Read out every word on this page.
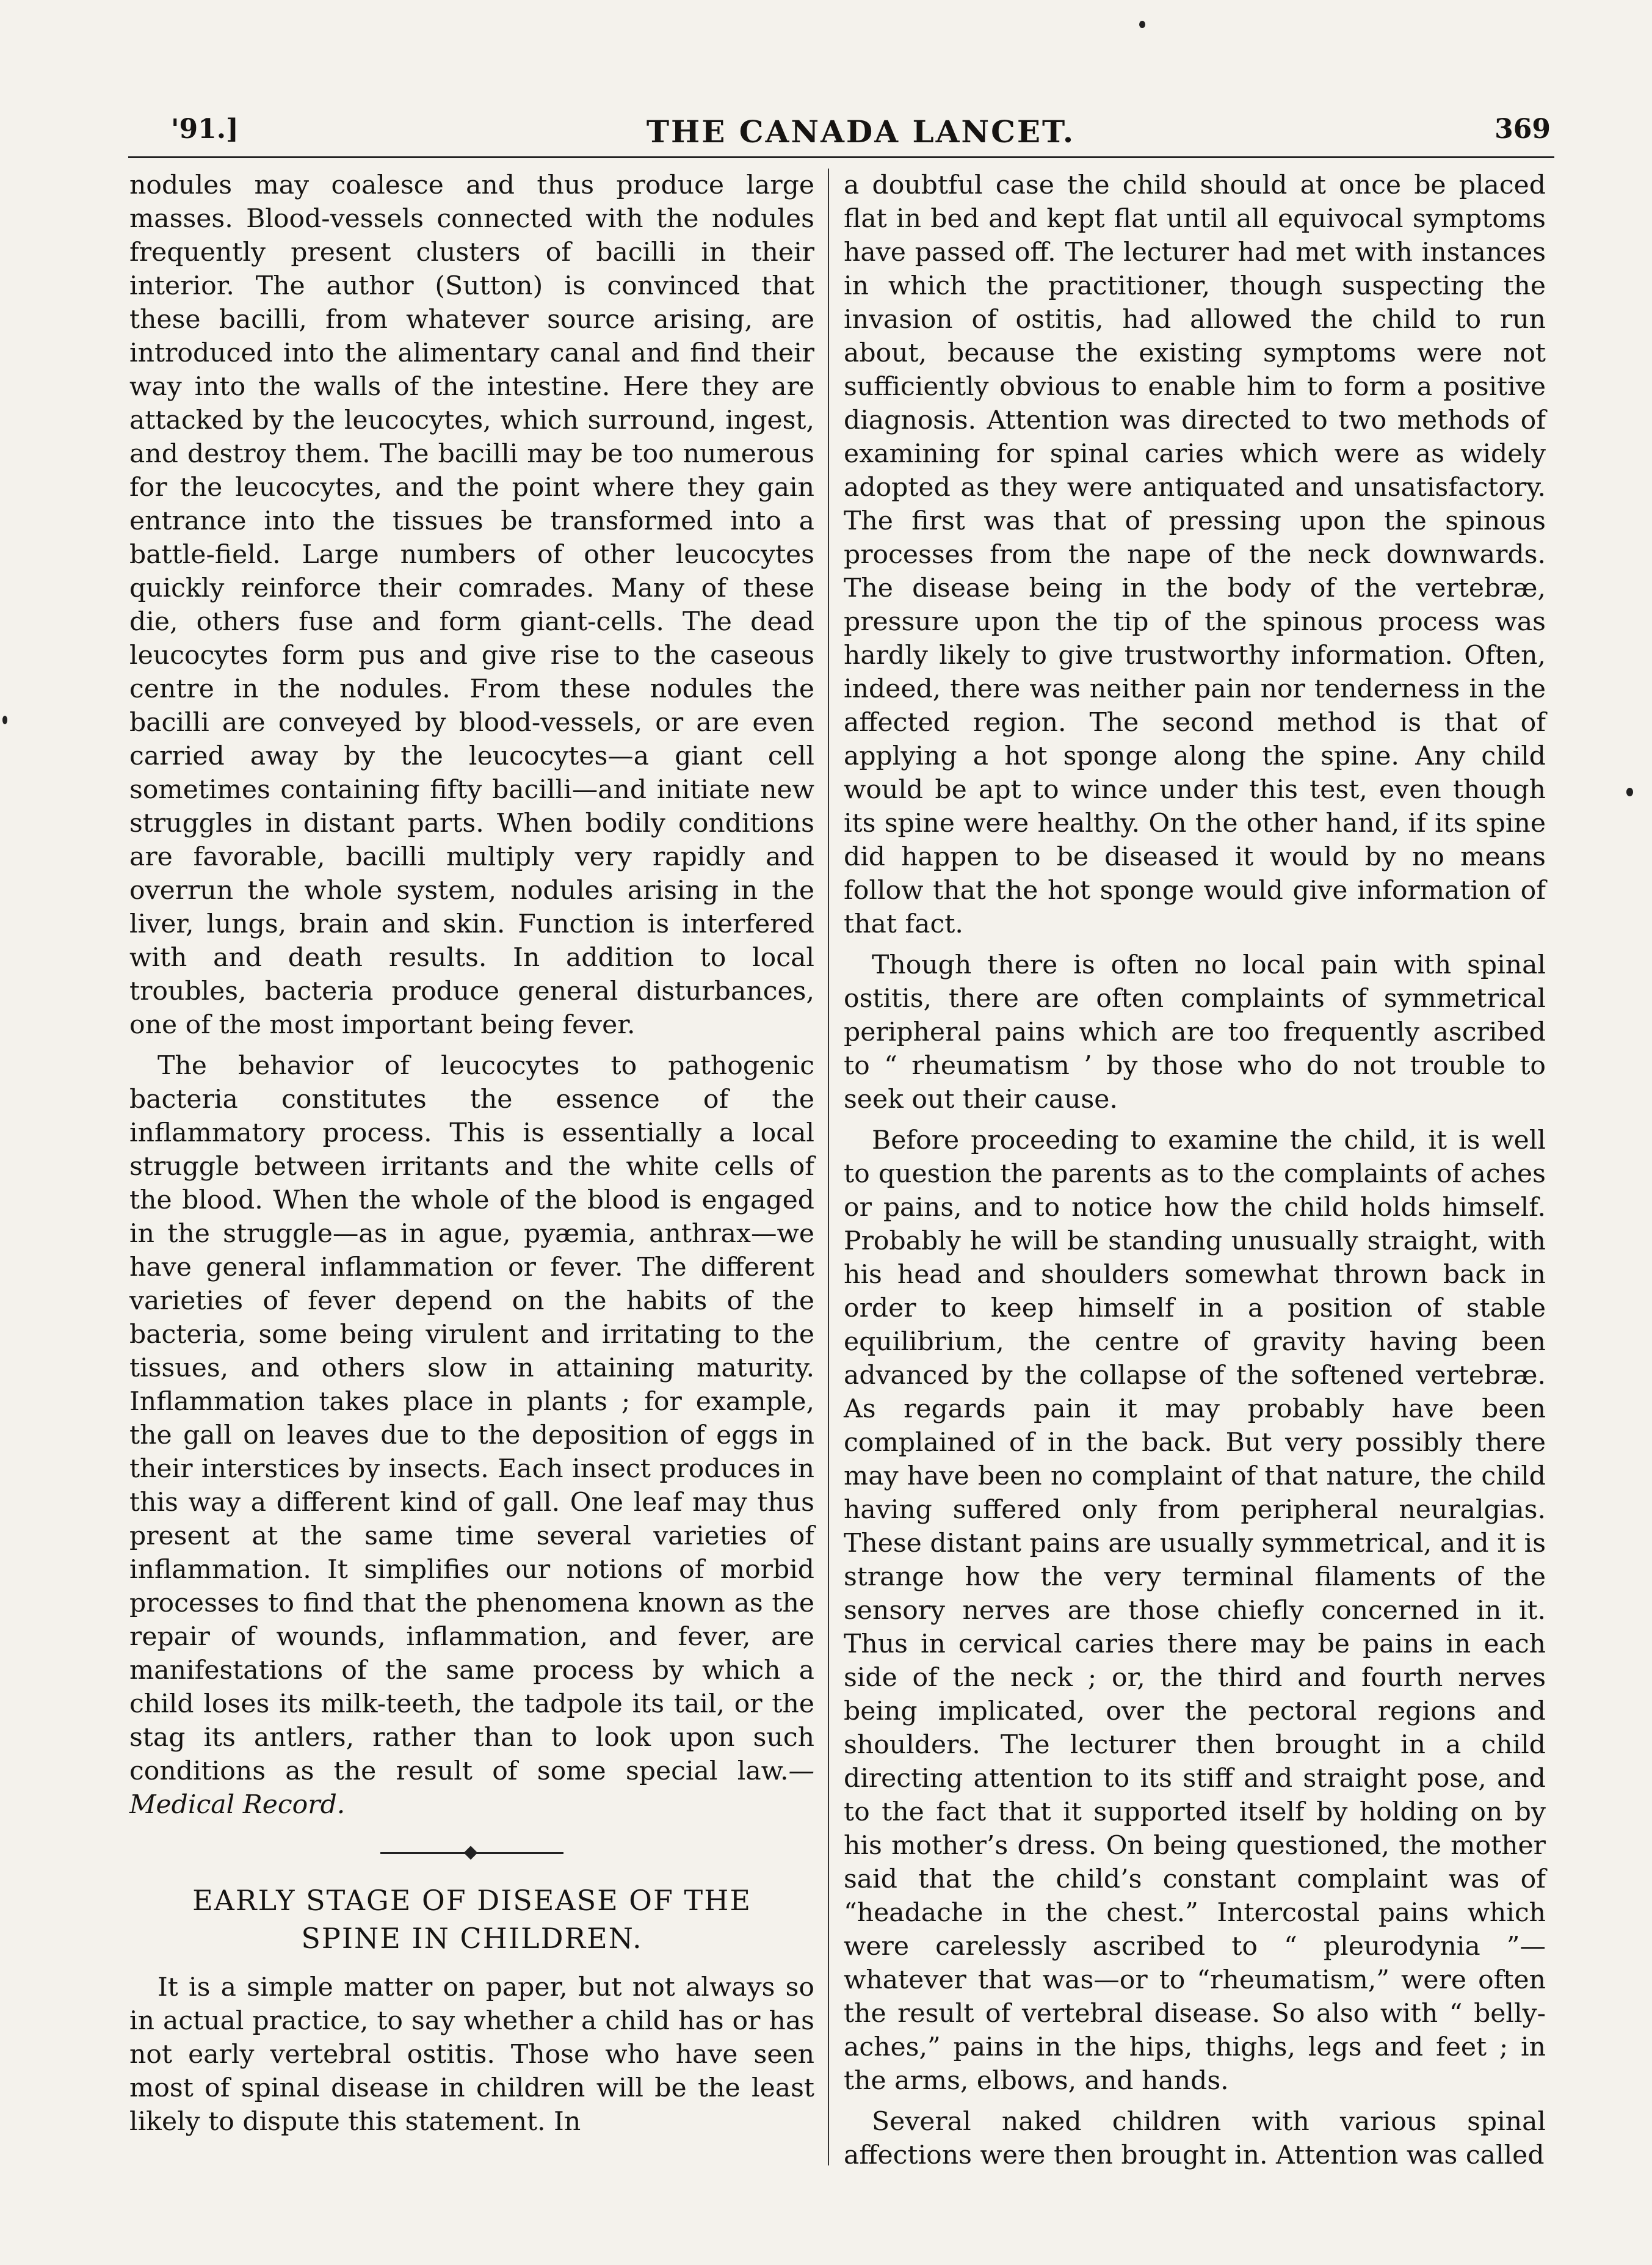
'91.]	THE CANADA LANCET.	369

nodules may coalesce and thus produce large masses. Blood-vessels connected with the nodules frequently present clusters of bacilli in their interior. The author (Sutton) is convinced that these bacilli, from whatever source arising, are introduced into the alimentary canal and find their way into the walls of the intestine. Here they are attacked by the leucocytes, which surround, ingest, and destroy them. The bacilli may be too numerous for the leucocytes, and the point where they gain entrance into the tissues be transformed into a battle-field. Large numbers of other leucocytes quickly reinforce their comrades. Many of these die, others fuse and form giant-cells. The dead leucocytes form pus and give rise to the caseous centre in the nodules. From these nodules the bacilli are conveyed by blood-vessels, or are even carried away by the leucocytes—a giant cell sometimes containing fifty bacilli—and initiate new struggles in distant parts. When bodily conditions are favorable, bacilli multiply very rapidly and overrun the whole system, nodules arising in the liver, lungs, brain and skin. Function is interfered with and death results. In addition to local troubles, bacteria produce general disturbances, one of the most important being fever.

The behavior of leucocytes to pathogenic bacteria constitutes the essence of the inflammatory process. This is essentially a local struggle between irritants and the white cells of the blood. When the whole of the blood is engaged in the struggle—as in ague, pyæmia, anthrax—we have general inflammation or fever. The different varieties of fever depend on the habits of the bacteria, some being virulent and irritating to the tissues, and others slow in attaining maturity. Inflammation takes place in plants ; for example, the gall on leaves due to the deposition of eggs in their interstices by insects. Each insect produces in this way a different kind of gall. One leaf may thus present at the same time several varieties of inflammation. It simplifies our notions of morbid processes to find that the phenomena known as the repair of wounds, inflammation, and fever, are manifestations of the same process by which a child loses its milk-teeth, the tadpole its tail, or the stag its antlers, rather than to look upon such conditions as the result of some special law.—Medical Record.

EARLY STAGE OF DISEASE OF THE
SPINE IN CHILDREN.

It is a simple matter on paper, but not always so in actual practice, to say whether a child has or has not early vertebral ostitis. Those who have seen most of spinal disease in children will be the least likely to dispute this statement. In

a doubtful case the child should at once be placed flat in bed and kept flat until all equivocal symptoms have passed off. The lecturer had met with instances in which the practitioner, though suspecting the invasion of ostitis, had allowed the child to run about, because the existing symptoms were not sufficiently obvious to enable him to form a positive diagnosis. Attention was directed to two methods of examining for spinal caries which were as widely adopted as they were antiquated and unsatisfactory. The first was that of pressing upon the spinous processes from the nape of the neck downwards. The disease being in the body of the vertebræ, pressure upon the tip of the spinous process was hardly likely to give trustworthy information. Often, indeed, there was neither pain nor tenderness in the affected region. The second method is that of applying a hot sponge along the spine. Any child would be apt to wince under this test, even though its spine were healthy. On the other hand, if its spine did happen to be diseased it would by no means follow that the hot sponge would give information of that fact.

Though there is often no local pain with spinal ostitis, there are often complaints of symmetrical peripheral pains which are too frequently ascribed to “ rheumatism ’ by those who do not trouble to seek out their cause.

Before proceeding to examine the child, it is well to question the parents as to the complaints of aches or pains, and to notice how the child holds himself. Probably he will be standing unusually straight, with his head and shoulders somewhat thrown back in order to keep himself in a position of stable equilibrium, the centre of gravity having been advanced by the collapse of the softened vertebræ. As regards pain it may probably have been complained of in the back. But very possibly there may have been no complaint of that nature, the child having suffered only from peripheral neuralgias. These distant pains are usually symmetrical, and it is strange how the very terminal filaments of the sensory nerves are those chiefly concerned in it. Thus in cervical caries there may be pains in each side of the neck ; or, the third and fourth nerves being implicated, over the pectoral regions and shoulders. The lecturer then brought in a child directing attention to its stiff and straight pose, and to the fact that it supported itself by holding on by his mother’s dress. On being questioned, the mother said that the child’s constant complaint was of “headache in the chest.” Intercostal pains which were carelessly ascribed to “ pleurodynia ”—whatever that was—or to “rheumatism,” were often the result of vertebral disease. So also with “ belly-aches,” pains in the hips, thighs, legs and feet ; in the arms, elbows, and hands.

Several naked children with various spinal affections were then brought in. Attention was called
